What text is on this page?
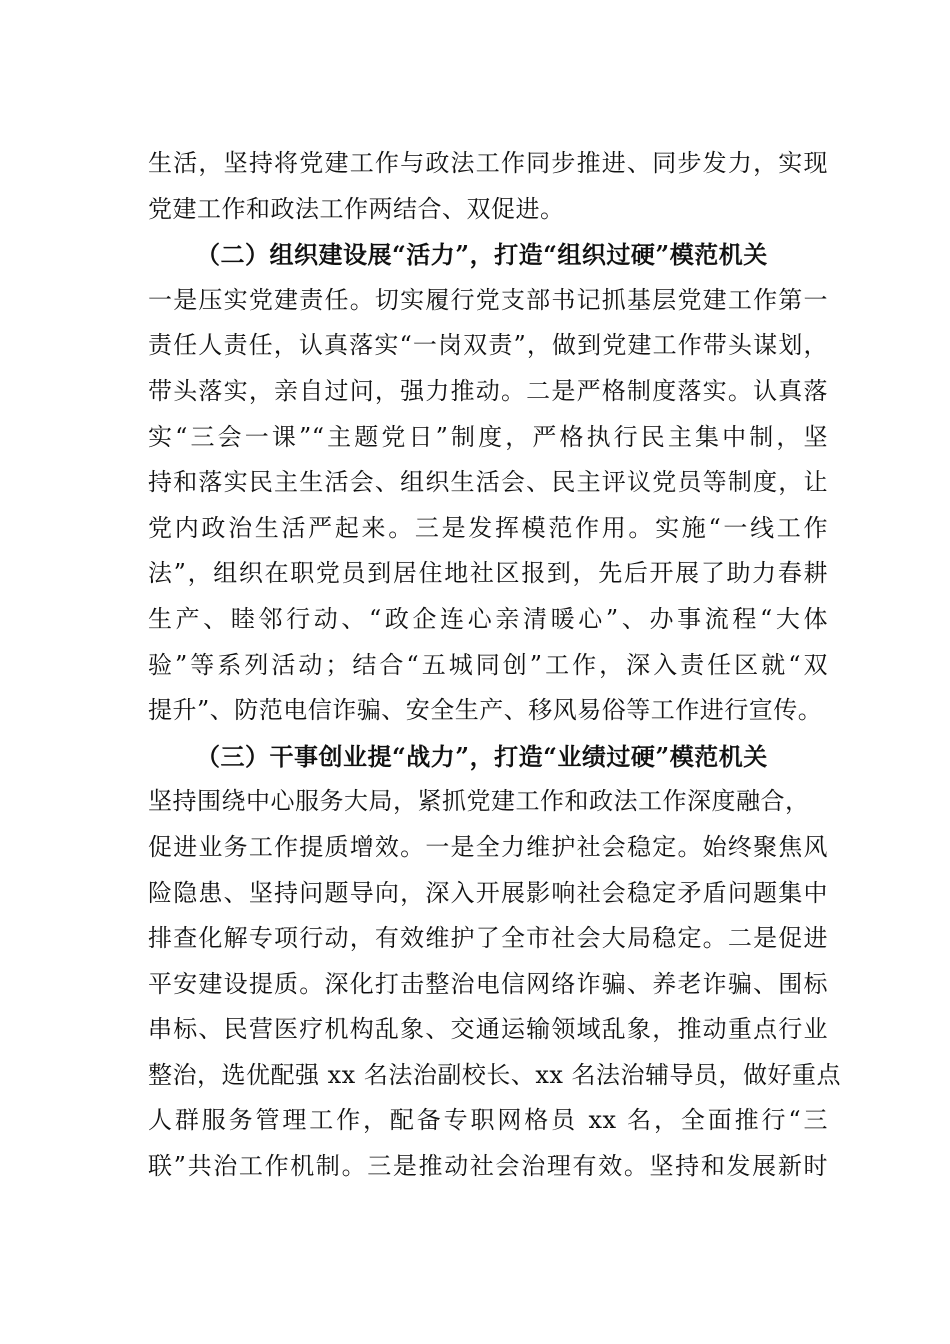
生活，坚持将党建工作与政法工作同步推进、同步发力，实现
党建工作和政法工作两结合、双促进。
（二）组织建设展“活力”，打造“组织过硬”模范机关
一是压实党建责任。切实履行党支部书记抓基层党建工作第一
责任人责任，认真落实“一岗双责”，做到党建工作带头谋划，
带头落实，亲自过问，强力推动。二是严格制度落实。认真落
实“三会一课”“主题党日”制度，严格执行民主集中制，坚
持和落实民主生活会、组织生活会、民主评议党员等制度，让
党内政治生活严起来。三是发挥模范作用。实施“一线工作
法”，组织在职党员到居住地社区报到，先后开展了助力春耕
生产、睦邻行动、“政企连心亲清暖心”、办事流程“大体
验”等系列活动；结合“五城同创”工作，深入责任区就“双
提升”、防范电信诈骗、安全生产、移风易俗等工作进行宣传。
（三）干事创业提“战力”，打造“业绩过硬”模范机关
坚持围绕中心服务大局，紧抓党建工作和政法工作深度融合，
促进业务工作提质增效。一是全力维护社会稳定。始终聚焦风
险隐患、坚持问题导向，深入开展影响社会稳定矛盾问题集中
排查化解专项行动，有效维护了全市社会大局稳定。二是促进
平安建设提质。深化打击整治电信网络诈骗、养老诈骗、围标
串标、民营医疗机构乱象、交通运输领域乱象，推动重点行业
整治，选优配强 xx 名法治副校长、xx 名法治辅导员，做好重点
人群服务管理工作，配备专职网格员 xx 名，全面推行“三
联”共治工作机制。三是推动社会治理有效。坚持和发展新时
